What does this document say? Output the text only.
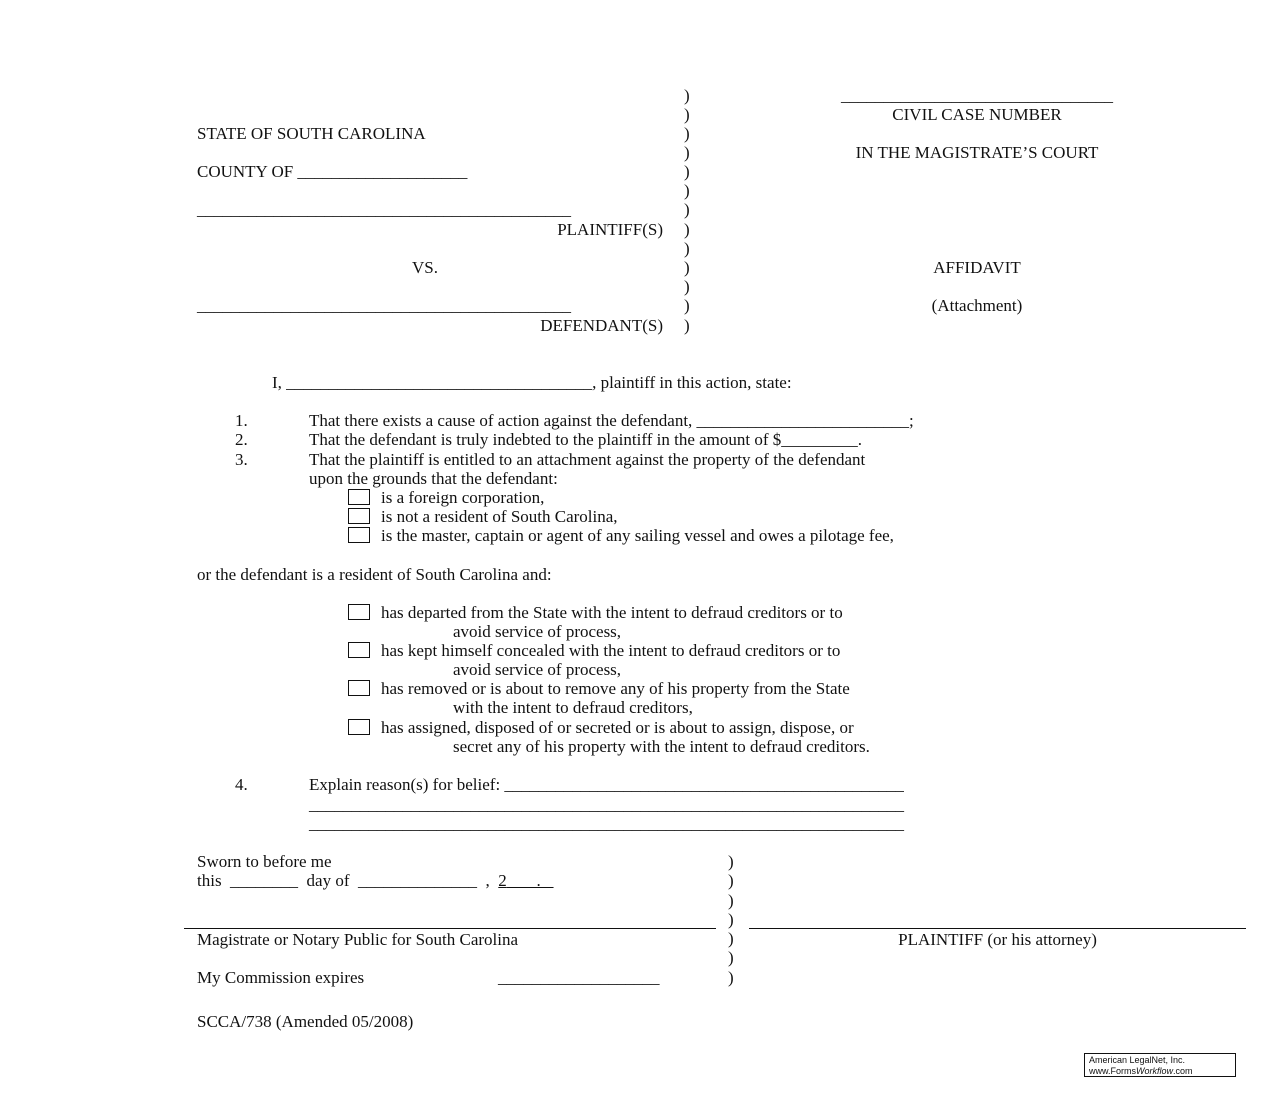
STATE OF SOUTH CAROLINA
COUNTY OF ____________________
____________________________________________
PLAINTIFF(S)
VS.
____________________________________________
DEFENDANT(S)
)
)
)
)
)
)
)
)
)
)
)
)
)
________________________________
CIVIL CASE NUMBER
IN THE MAGISTRATE’S COURT
AFFIDAVIT
(Attachment)
I, ____________________________________, plaintiff in this action, state:
1.	That there exists a cause of action against the defendant, _________________________;
2.	That the defendant is truly indebted to the plaintiff in the amount of $_________.
3.	That the plaintiff is entitled to an attachment against the property of the defendant
upon the grounds that the defendant:
is a foreign corporation,
is not a resident of South Carolina,
is the master, captain or agent of any sailing vessel and owes a pilotage fee,
or the defendant is a resident of South Carolina and:
has departed from the State with the intent to defraud creditors or to
avoid service of process,
has kept himself concealed with the intent to defraud creditors or to
avoid service of process,
has removed or is about to remove any of his property from the State
with the intent to defraud creditors,
has assigned, disposed of or secreted or is about to assign, dispose, or
secret any of his property with the intent to defraud creditors.
4.	Explain reason(s) for belief: _______________________________________________
______________________________________________________________________
______________________________________________________________________
Sworn to before me
this  ________  day of  ______________  ,  2       .
)
)
)
)
)
)
)
Magistrate or Notary Public for South Carolina	PLAINTIFF (or his attorney)
My Commission expires	___________________
SCCA/738 (Amended 05/2008)
American LegalNet, Inc.
www.FormsWorkflow.com
